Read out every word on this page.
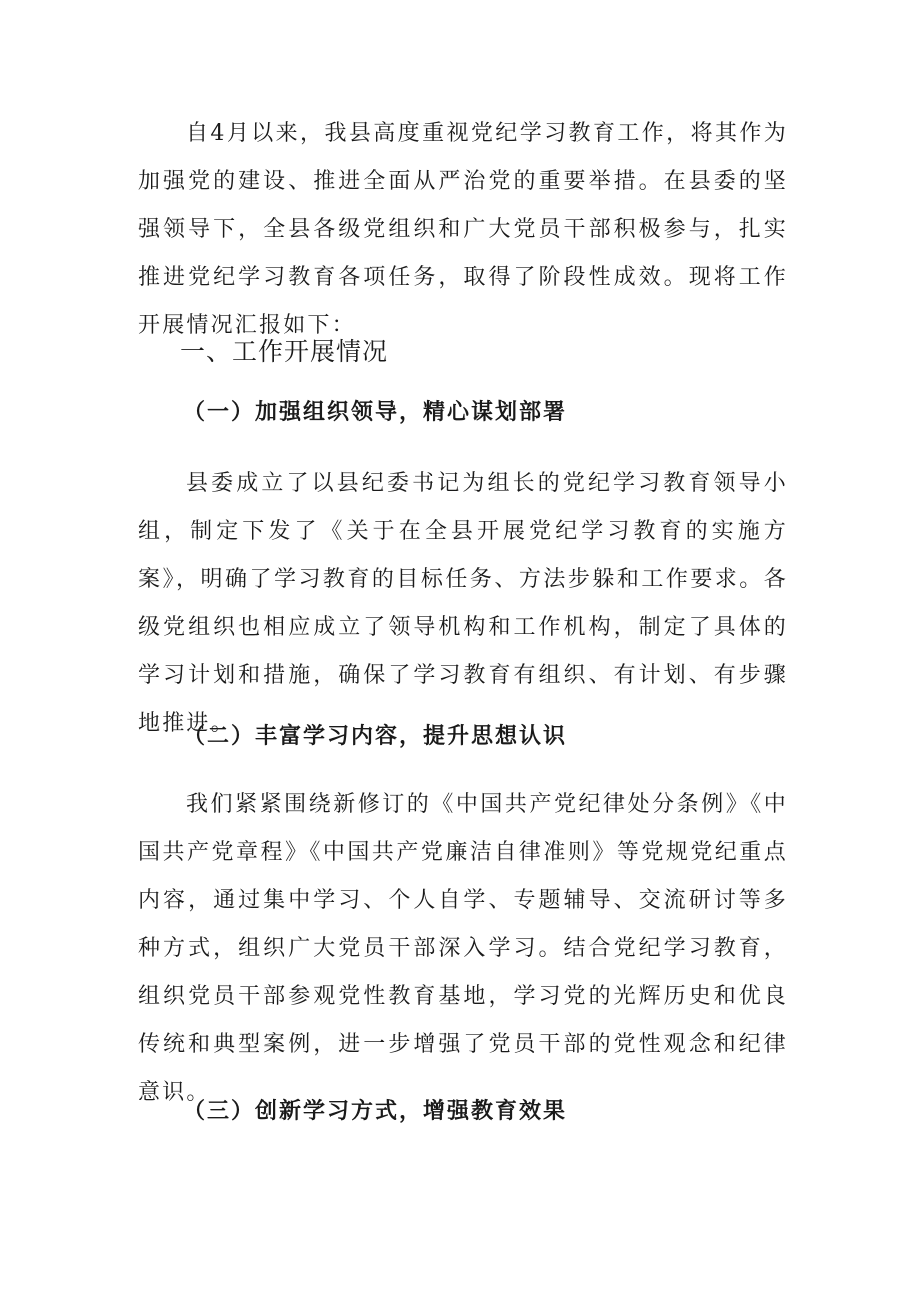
自4月以来，我县高度重视党纪学习教育工作，将其作为加强党的建设、推进全面从严治党的重要举措。在县委的坚强领导下，全县各级党组织和广大党员干部积极参与，扎实推进党纪学习教育各项任务，取得了阶段性成效。现将工作开展情况汇报如下：

一、工作开展情况
（一）加强组织领导，精心谋划部署

县委成立了以县纪委书记为组长的党纪学习教育领导小组，制定下发了《关于在全县开展党纪学习教育的实施方案》，明确了学习教育的目标任务、方法步躲和工作要求。各级党组织也相应成立了领导机构和工作机构，制定了具体的学习计划和措施，确保了学习教育有组织、有计划、有步骤地推进。

（二）丰富学习内容，提升思想认识

我们紧紧围绕新修订的《中国共产党纪律处分条例》《中国共产党章程》《中国共产党廉洁自律准则》等党规党纪重点内容，通过集中学习、个人自学、专题辅导、交流研讨等多种方式，组织广大党员干部深入学习。结合党纪学习教育，组织党员干部参观党性教育基地，学习党的光辉历史和优良传统和典型案例，进一步增强了党员干部的党性观念和纪律意识。

（三）创新学习方式，增强教育效果
